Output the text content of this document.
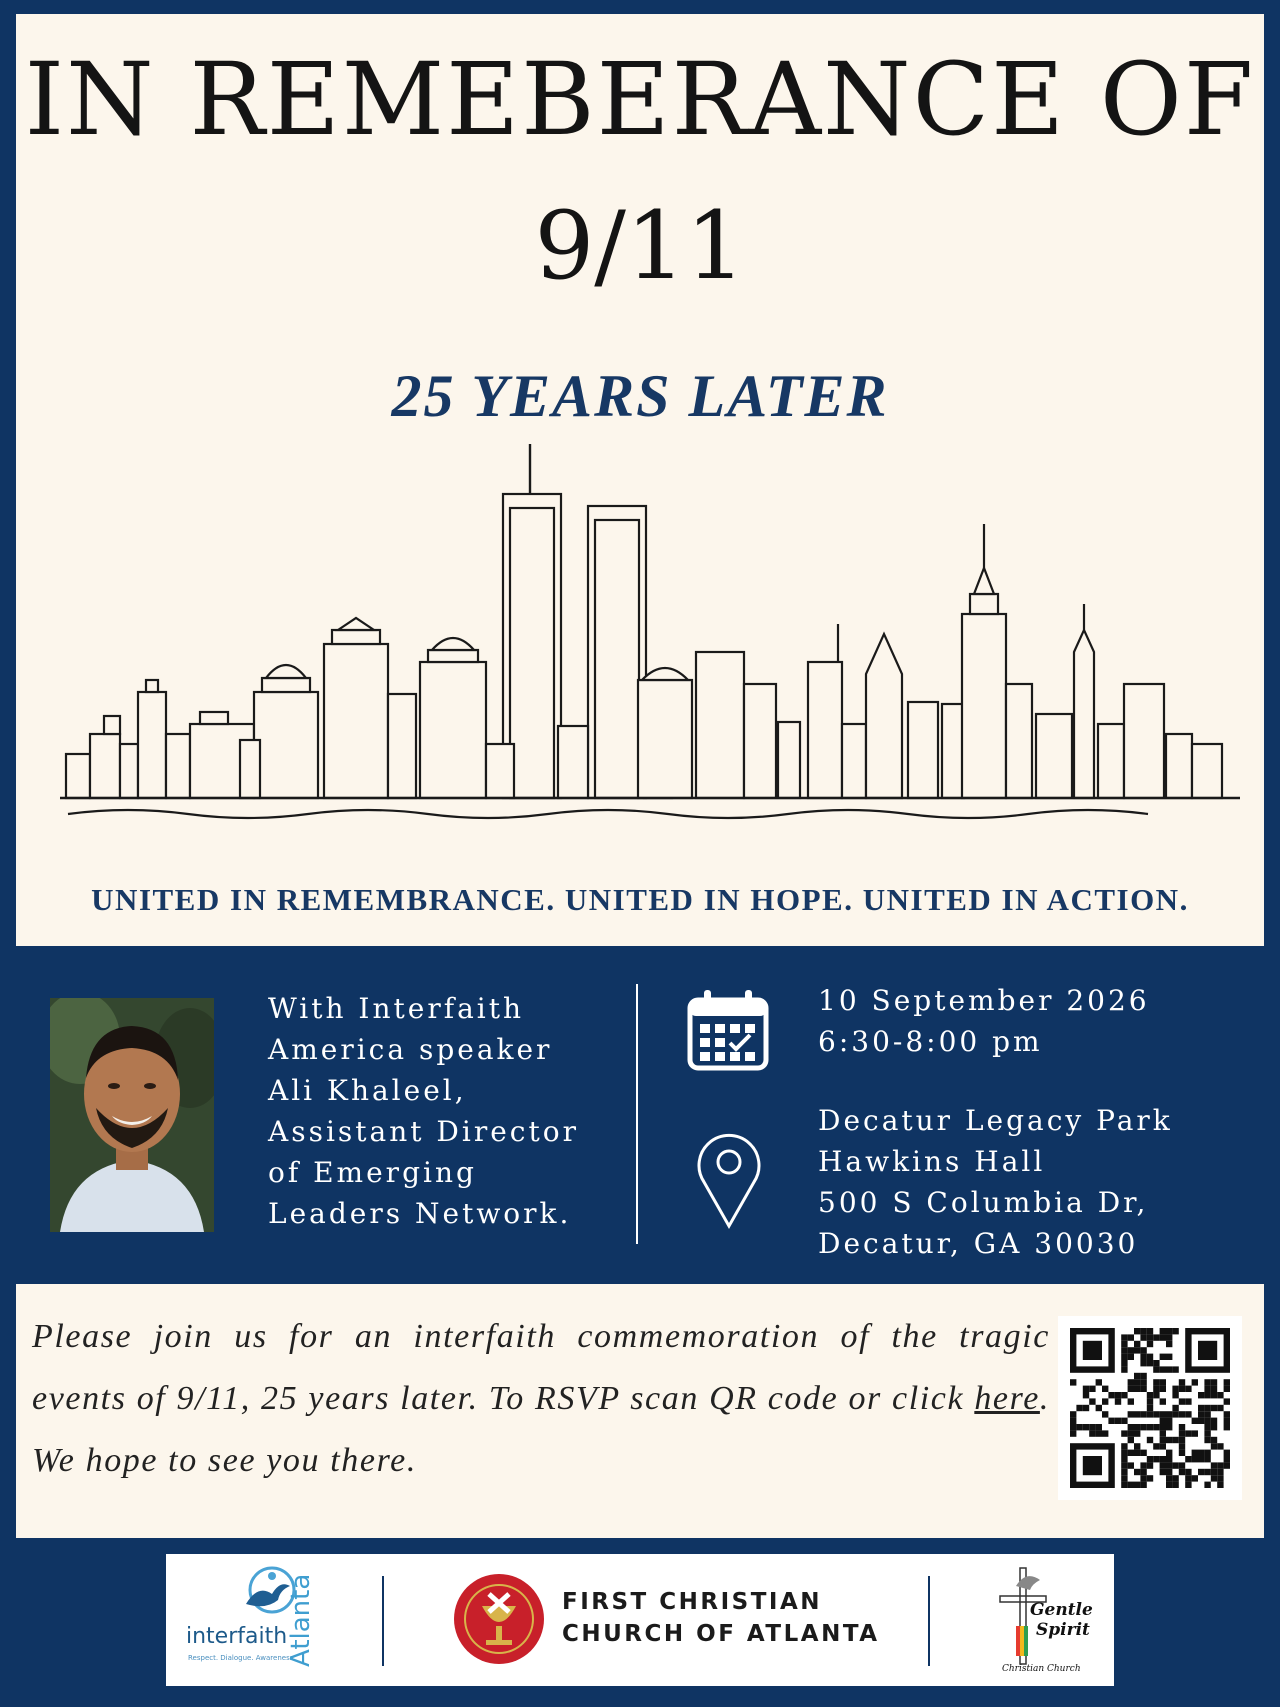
IN REMEBERANCE OF
9/11
25 YEARS LATER
UNITED IN REMEMBRANCE. UNITED IN HOPE. UNITED IN ACTION.
With Interfaith
America speaker
Ali Khaleel,
Assistant Director
of Emerging
Leaders Network.
10 September 2026
6:30-8:00 pm
Decatur Legacy Park
Hawkins Hall
500 S Columbia Dr,
Decatur, GA 30030
Please join us for an interfaith commemoration of the tragic events of 9/11, 25 years later. To RSVP scan QR code or click here. We hope to see you there.
interfaith
Respect. Dialogue. Awareness.
Atlanta	FIRST CHRISTIAN
CHURCH OF ATLANTA
Gentle
Spirit
Christian Church
